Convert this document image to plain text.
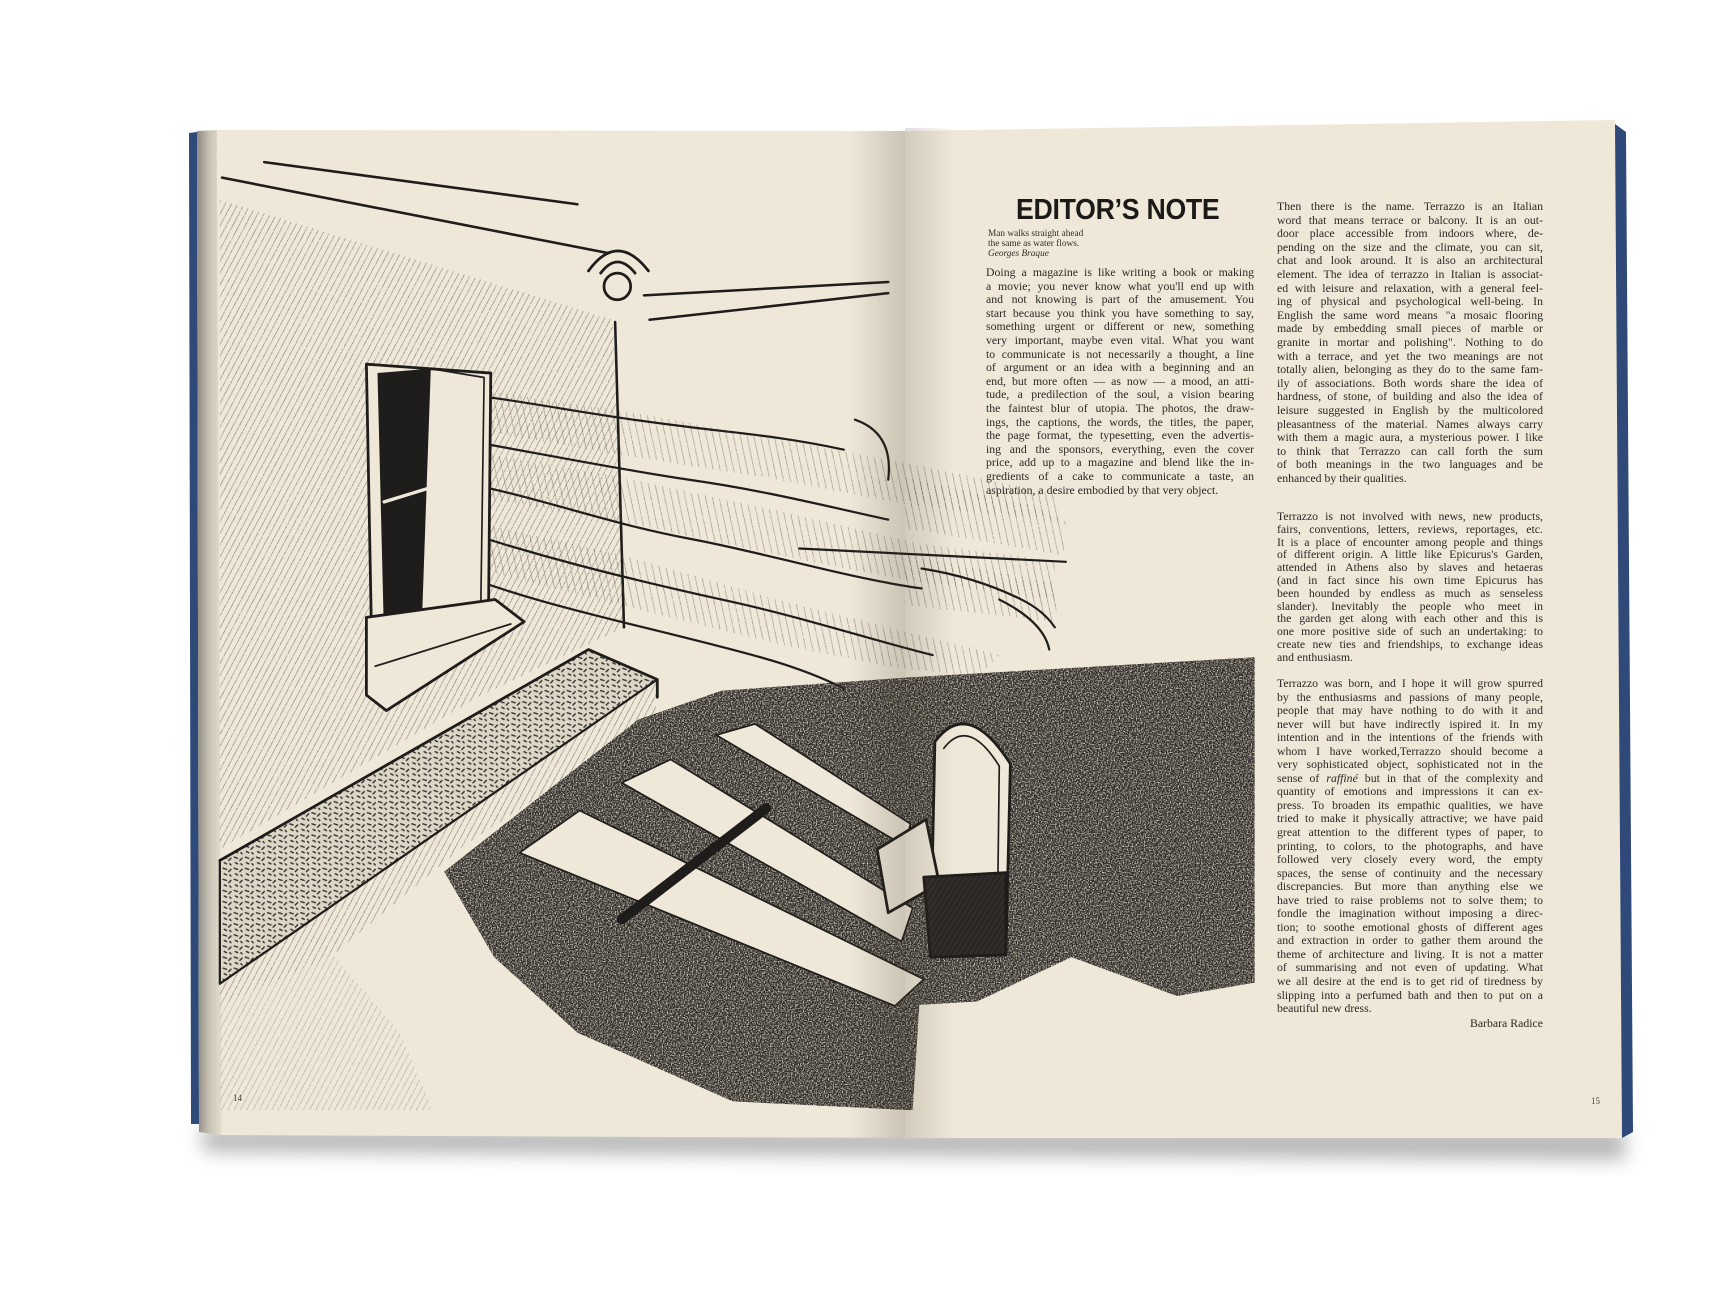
EDITOR’S NOTE
Man walks straight ahead
the same as water flows.
Georges Braque
Doing a magazine is like writing a book or making
a movie; you never know what you'll end up with
and not knowing is part of the amusement. You
start because you think you have something to say,
something urgent or different or new, something
very important, maybe even vital. What you want
to communicate is not necessarily a thought, a line
of argument or an idea with a beginning and an
end, but more often — as now — a mood, an atti-
tude, a predilection of the soul, a vision bearing
the faintest blur of utopia. The photos, the draw-
ings, the captions, the words, the titles, the paper,
the page format, the typesetting, even the advertis-
ing and the sponsors, everything, even the cover
price, add up to a magazine and blend like the in-
gredients of a cake to communicate a taste, an
aspiration, a desire embodied by that very object.
Then there is the name. Terrazzo is an Italian
word that means terrace or balcony. It is an out-
door place accessible from indoors where, de-
pending on the size and the climate, you can sit,
chat and look around. It is also an architectural
element. The idea of terrazzo in Italian is associat-
ed with leisure and relaxation, with a general feel-
ing of physical and psychological well-being. In
English the same word means "a mosaic flooring
made by embedding small pieces of marble or
granite in mortar and polishing". Nothing to do
with a terrace, and yet the two meanings are not
totally alien, belonging as they do to the same fam-
ily of associations. Both words share the idea of
hardness, of stone, of building and also the idea of
leisure suggested in English by the multicolored
pleasantness of the material. Names always carry
with them a magic aura, a mysterious power. I like
to think that Terrazzo can call forth the sum
of both meanings in the two languages and be
enhanced by their qualities.
Terrazzo is not involved with news, new products,
fairs, conventions, letters, reviews, reportages, etc.
It is a place of encounter among people and things
of different origin. A little like Epicurus's Garden,
attended in Athens also by slaves and hetaeras
(and in fact since his own time Epicurus has
been hounded by endless as much as senseless
slander). Inevitably the people who meet in
the garden get along with each other and this is
one more positive side of such an undertaking: to
create new ties and friendships, to exchange ideas
and enthusiasm.
Terrazzo was born, and I hope it will grow spurred
by the enthusiasms and passions of many people,
people that may have nothing to do with it and
never will but have indirectly ispired it. In my
intention and in the intentions of the friends with
whom I have worked,Terrazzo should become a
very sophisticated object, sophisticated not in the
sense of raffiné but in that of the complexity and
quantity of emotions and impressions it can ex-
press. To broaden its empathic qualities, we have
tried to make it physically attractive; we have paid
great attention to the different types of paper, to
printing, to colors, to the photographs, and have
followed very closely every word, the empty
spaces, the sense of continuity and the necessary
discrepancies. But more than anything else we
have tried to raise problems not to solve them; to
fondle the imagination without imposing a direc-
tion; to soothe emotional ghosts of different ages
and extraction in order to gather them around the
theme of architecture and living. It is not a matter
of summarising and not even of updating. What
we all desire at the end is to get rid of tiredness by
slipping into a perfumed bath and then to put on a
beautiful new dress.
Barbara Radice
14	15
